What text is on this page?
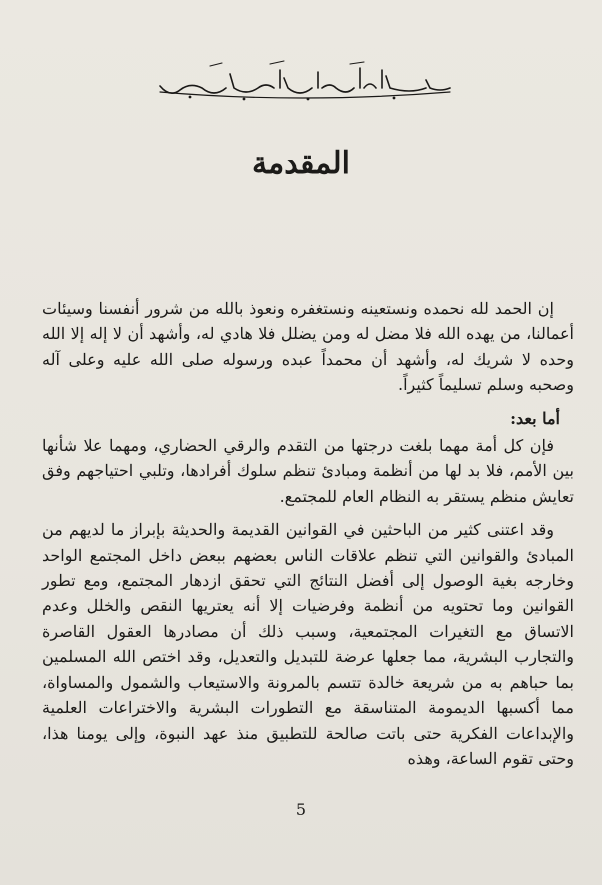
المقدمة

إن الحمد لله نحمده ونستعينه ونستغفره ونعوذ بالله من شرور أنفسنا وسيئات أعمالنا، من يهده الله فلا مضل له ومن يضلل فلا هادي له، وأشهد أن لا إله إلا الله وحده لا شريك له، وأشهد أن محمداً عبده ورسوله صلى الله عليه وعلى آله وصحبه وسلم تسليماً كثيراً.

أما بعد:

فإن كل أمة مهما بلغت درجتها من التقدم والرقي الحضاري، ومهما علا شأنها بين الأمم، فلا بد لها من أنظمة ومبادئ تنظم سلوك أفرادها، وتلبي احتياجهم وفق تعايش منظم يستقر به النظام العام للمجتمع.

وقد اعتنى كثير من الباحثين في القوانين القديمة والحديثة بإبراز ما لديهم من المبادئ والقوانين التي تنظم علاقات الناس بعضهم ببعض داخل المجتمع الواحد وخارجه بغية الوصول إلى أفضل النتائج التي تحقق ازدهار المجتمع، ومع تطور القوانين وما تحتويه من أنظمة وفرضيات إلا أنه يعتريها النقص والخلل وعدم الاتساق مع التغيرات المجتمعية، وسبب ذلك أن مصادرها العقول القاصرة والتجارب البشرية، مما جعلها عرضة للتبديل والتعديل، وقد اختص الله المسلمين بما حباهم به من شريعة خالدة تتسم بالمرونة والاستيعاب والشمول والمساواة، مما أكسبها الديمومة المتناسقة مع التطورات البشرية والاختراعات العلمية والإبداعات الفكرية حتى باتت صالحة للتطبيق منذ عهد النبوة، وإلى يومنا هذا، وحتى تقوم الساعة، وهذه

5
